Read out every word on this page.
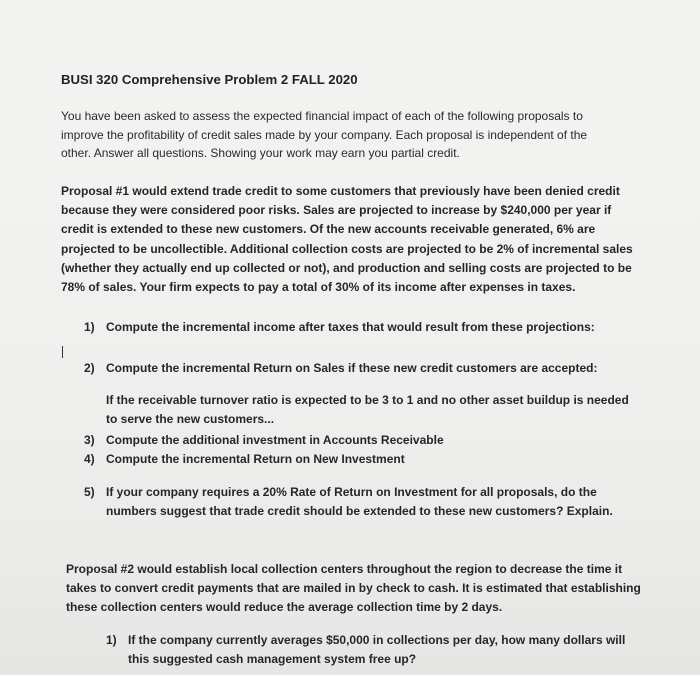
BUSI 320 Comprehensive Problem 2 FALL 2020
You have been asked to assess the expected financial impact of each of the following proposals to
improve the profitability of credit sales made by your company. Each proposal is independent of the
other. Answer all questions. Showing your work may earn you partial credit.
Proposal #1 would extend trade credit to some customers that previously have been denied credit
because they were considered poor risks. Sales are projected to increase by $240,000 per year if
credit is extended to these new customers. Of the new accounts receivable generated, 6% are
projected to be uncollectible. Additional collection costs are projected to be 2% of incremental sales
(whether they actually end up collected or not), and production and selling costs are projected to be
78% of sales. Your firm expects to pay a total of 30% of its income after expenses in taxes.
1) Compute the incremental income after taxes that would result from these projections:
2) Compute the incremental Return on Sales if these new credit customers are accepted:
If the receivable turnover ratio is expected to be 3 to 1 and no other asset buildup is needed
to serve the new customers...
3) Compute the additional investment in Accounts Receivable
4) Compute the incremental Return on New Investment
5) If your company requires a 20% Rate of Return on Investment for all proposals, do the
numbers suggest that trade credit should be extended to these new customers? Explain.
Proposal #2 would establish local collection centers throughout the region to decrease the time it
takes to convert credit payments that are mailed in by check to cash. It is estimated that establishing
these collection centers would reduce the average collection time by 2 days.
1) If the company currently averages $50,000 in collections per day, how many dollars will
this suggested cash management system free up?
